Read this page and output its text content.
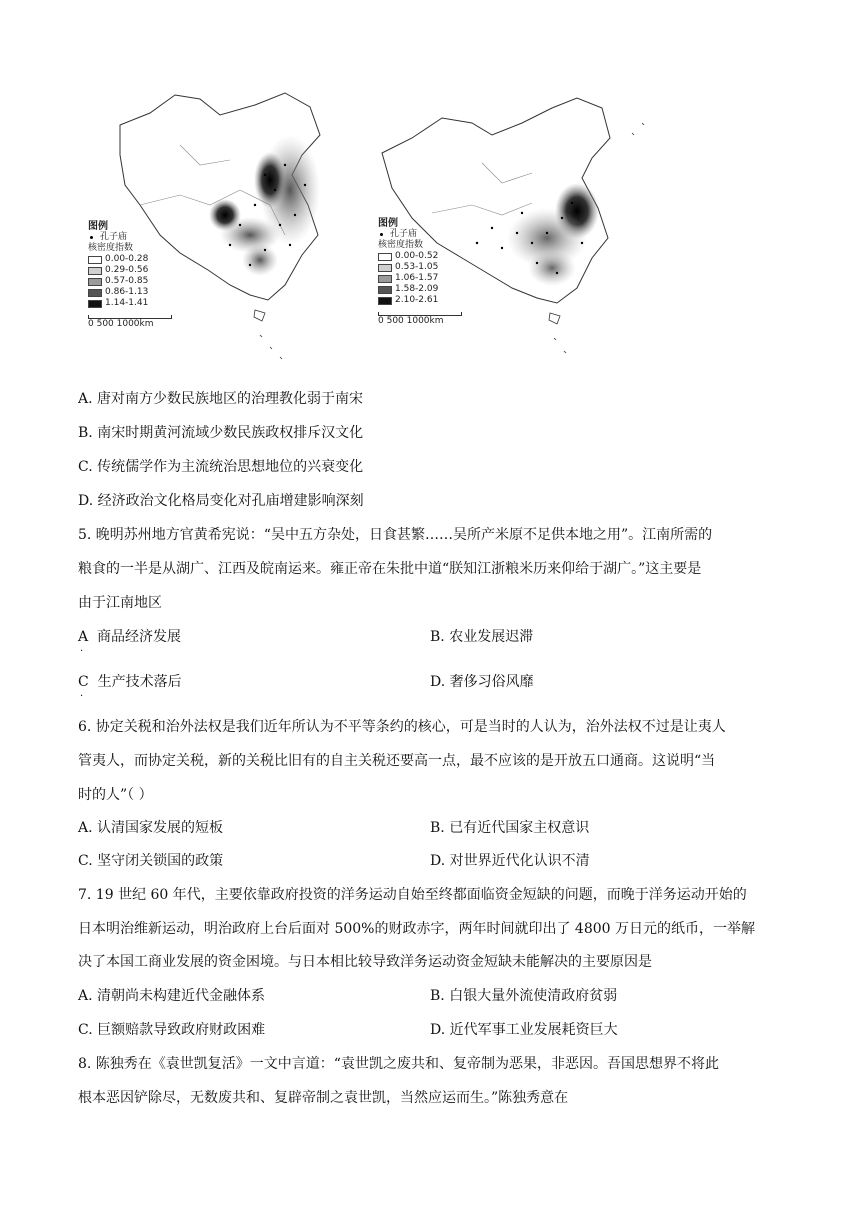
图例
孔子庙
核密度指数
0.00-0.28
0.29-0.56
0.57-0.85
0.86-1.13
1.14-1.41
0 500 1000km
图例
孔子庙
核密度指数
0.00-0.52
0.53-1.05
1.06-1.57
1.58-2.09
2.10-2.61
0 500 1000km
A. 唐对南方少数民族地区的治理教化弱于南宋
B. 南宋时期黄河流域少数民族政权排斥汉文化
C. 传统儒学作为主流统治思想地位的兴衰变化
D. 经济政治文化格局变化对孔庙增建影响深刻
5. 晚明苏州地方官黄希宪说：“吴中五方杂处，日食甚繁……吴所产米原不足供本地之用”。江南所需的
粮食的一半是从湖广、江西及皖南运来。雍正帝在朱批中道“朕知江浙粮米历来仰给于湖广。”这主要是
由于江南地区
A
·
商品经济发展	B. 农业发展迟滞
C
·
生产技术落后	D. 奢侈习俗风靡
6. 协定关税和治外法权是我们近年所认为不平等条约的核心，可是当时的人认为，治外法权不过是让夷人
管夷人，而协定关税，新的关税比旧有的自主关税还要高一点，最不应该的是开放五口通商。这说明“当
时的人”（ ）
A. 认清国家发展的短板	B. 已有近代国家主权意识
C. 坚守闭关锁国的政策	D. 对世界近代化认识不清
7. 19 世纪 60 年代，主要依靠政府投资的洋务运动自始至终都面临资金短缺的问题，而晚于洋务运动开始的
日本明治维新运动，明治政府上台后面对 500%的财政赤字，两年时间就印出了 4800 万日元的纸币，一举解
决了本国工商业发展的资金困境。与日本相比较导致洋务运动资金短缺未能解决的主要原因是
A. 清朝尚未构建近代金融体系	B. 白银大量外流使清政府贫弱
C. 巨额赔款导致政府财政困难	D. 近代军事工业发展耗资巨大
8. 陈独秀在《袁世凯复活》一文中言道：“袁世凯之废共和、复帝制为恶果，非恶因。吾国思想界不将此
根本恶因铲除尽，无数废共和、复辟帝制之袁世凯，当然应运而生。”陈独秀意在
